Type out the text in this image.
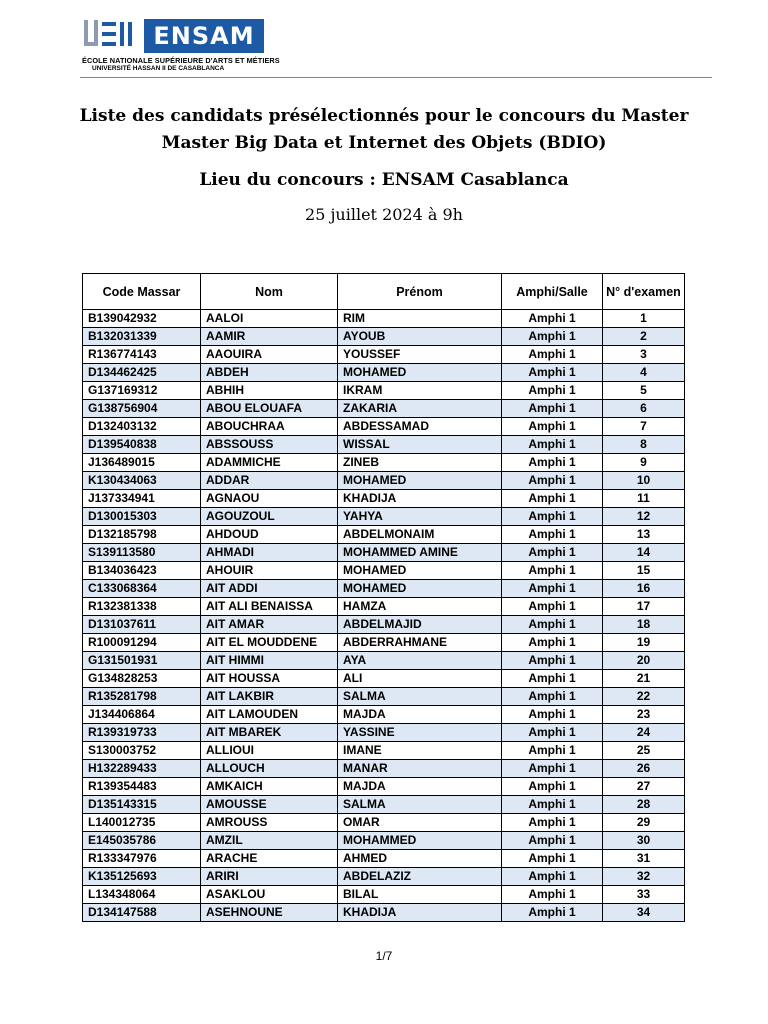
ENSAM
ÉCOLE NATIONALE SUPÉRIEURE D'ARTS ET MÉTIERS
UNIVERSITÉ HASSAN II DE CASABLANCA
Liste des candidats présélectionnés pour le concours du Master
Master Big Data et Internet des Objets (BDIO)
Lieu du concours : ENSAM Casablanca
25 juillet 2024 à 9h
Code Massar	Nom	Prénom	Amphi/Salle	N° d'examen
B139042932	AALOI	RIM	Amphi 1	1
B132031339	AAMIR	AYOUB	Amphi 1	2
R136774143	AAOUIRA	YOUSSEF	Amphi 1	3
D134462425	ABDEH	MOHAMED	Amphi 1	4
G137169312	ABHIH	IKRAM	Amphi 1	5
G138756904	ABOU ELOUAFA	ZAKARIA	Amphi 1	6
D132403132	ABOUCHRAA	ABDESSAMAD	Amphi 1	7
D139540838	ABSSOUSS	WISSAL	Amphi 1	8
J136489015	ADAMMICHE	ZINEB	Amphi 1	9
K130434063	ADDAR	MOHAMED	Amphi 1	10
J137334941	AGNAOU	KHADIJA	Amphi 1	11
D130015303	AGOUZOUL	YAHYA	Amphi 1	12
D132185798	AHDOUD	ABDELMONAIM	Amphi 1	13
S139113580	AHMADI	MOHAMMED AMINE	Amphi 1	14
B134036423	AHOUIR	MOHAMED	Amphi 1	15
C133068364	AIT ADDI	MOHAMED	Amphi 1	16
R132381338	AIT ALI BENAISSA	HAMZA	Amphi 1	17
D131037611	AIT AMAR	ABDELMAJID	Amphi 1	18
R100091294	AIT EL MOUDDENE	ABDERRAHMANE	Amphi 1	19
G131501931	AIT HIMMI	AYA	Amphi 1	20
G134828253	AIT HOUSSA	ALI	Amphi 1	21
R135281798	AIT LAKBIR	SALMA	Amphi 1	22
J134406864	AIT LAMOUDEN	MAJDA	Amphi 1	23
R139319733	AIT MBAREK	YASSINE	Amphi 1	24
S130003752	ALLIOUI	IMANE	Amphi 1	25
H132289433	ALLOUCH	MANAR	Amphi 1	26
R139354483	AMKAICH	MAJDA	Amphi 1	27
D135143315	AMOUSSE	SALMA	Amphi 1	28
L140012735	AMROUSS	OMAR	Amphi 1	29
E145035786	AMZIL	MOHAMMED	Amphi 1	30
R133347976	ARACHE	AHMED	Amphi 1	31
K135125693	ARIRI	ABDELAZIZ	Amphi 1	32
L134348064	ASAKLOU	BILAL	Amphi 1	33
D134147588	ASEHNOUNE	KHADIJA	Amphi 1	34
1/7
